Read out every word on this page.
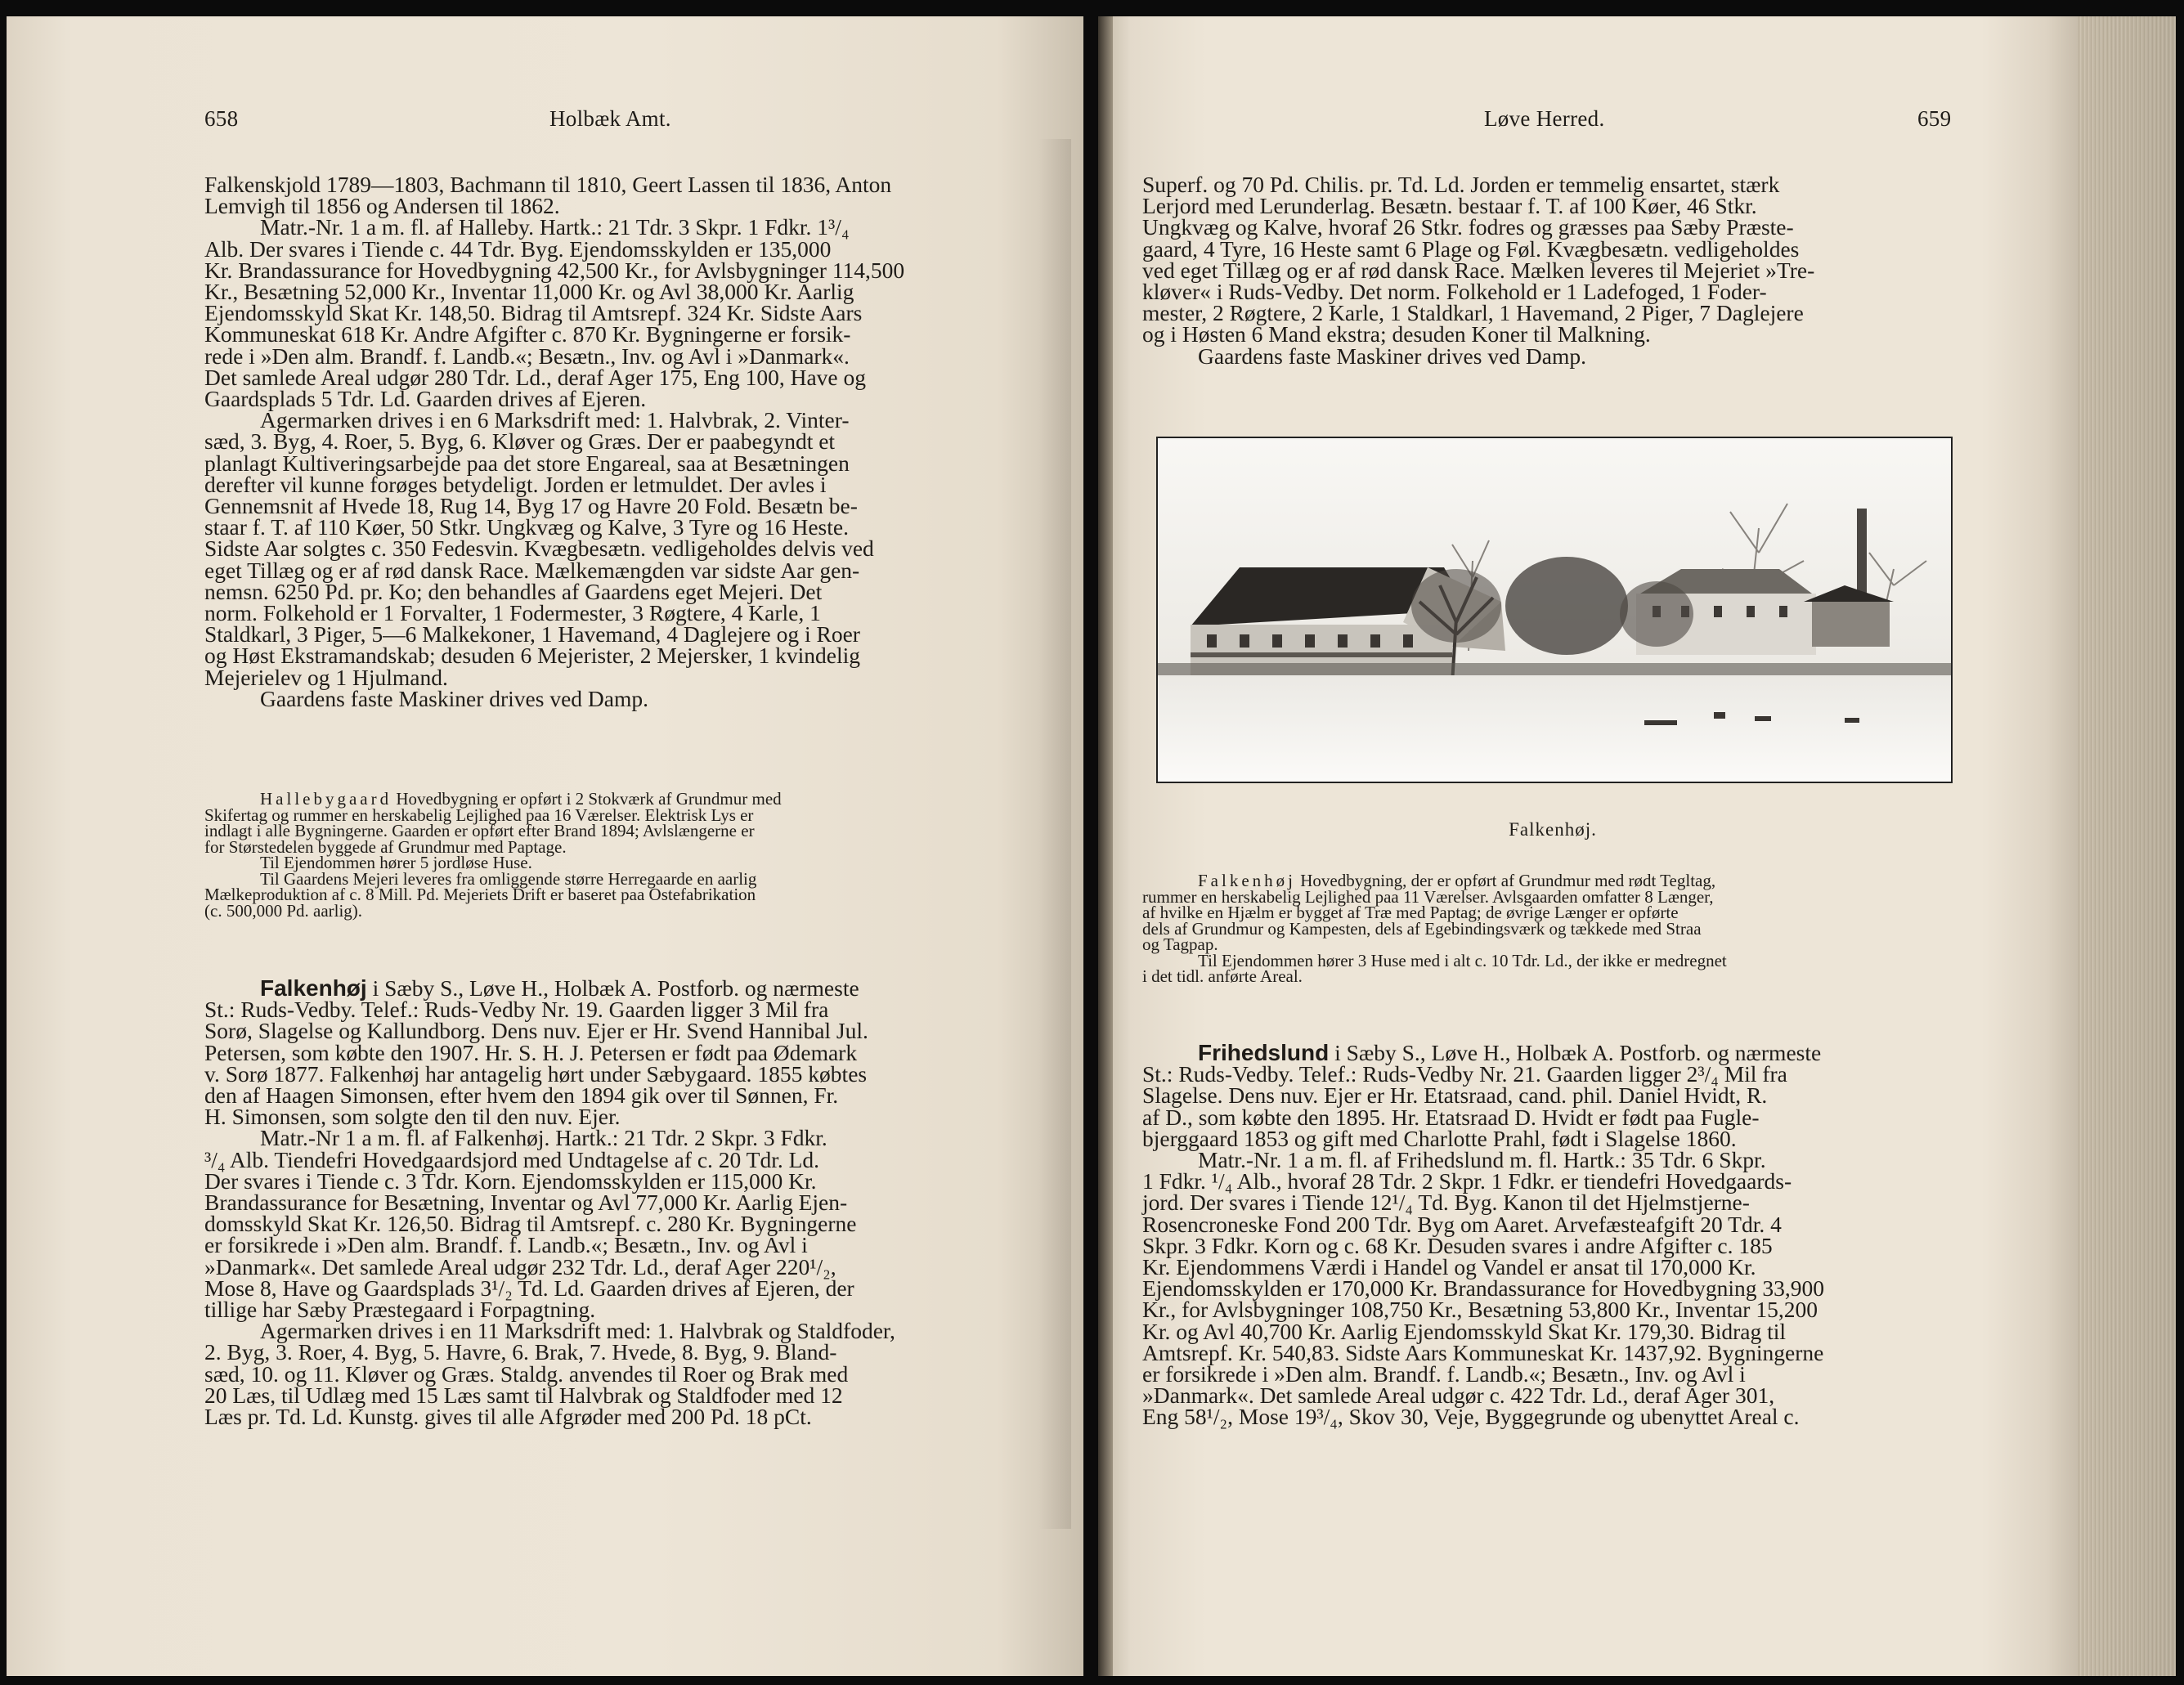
658	Holbæk Amt.

Falkenskjold 1789—1803, Bachmann til 1810, Geert Lassen til 1836, Anton

Lemvigh til 1856 og Andersen til 1862.

Matr.-Nr. 1 a m. fl. af Halleby. Hartk.: 21 Tdr. 3 Skpr. 1 Fdkr. 1³/₄

Alb. Der svares i Tiende c. 44 Tdr. Byg. Ejendomsskylden er 135,000

Kr. Brandassurance for Hovedbygning 42,500 Kr., for Avlsbygninger 114,500

Kr., Besætning 52,000 Kr., Inventar 11,000 Kr. og Avl 38,000 Kr. Aarlig

Ejendomsskyld Skat Kr. 148,50. Bidrag til Amtsrepf. 324 Kr. Sidste Aars

Kommuneskat 618 Kr. Andre Afgifter c. 870 Kr. Bygningerne er forsik-

rede i »Den alm. Brandf. f. Landb.«; Besætn., Inv. og Avl i »Danmark«.

Det samlede Areal udgør 280 Tdr. Ld., deraf Ager 175, Eng 100, Have og

Gaardsplads 5 Tdr. Ld. Gaarden drives af Ejeren.

Agermarken drives i en 6 Marksdrift med: 1. Halvbrak, 2. Vinter-

sæd, 3. Byg, 4. Roer, 5. Byg, 6. Kløver og Græs. Der er paabegyndt et

planlagt Kultiveringsarbejde paa det store Engareal, saa at Besætningen

derefter vil kunne forøges betydeligt. Jorden er letmuldet. Der avles i

Gennemsnit af Hvede 18, Rug 14, Byg 17 og Havre 20 Fold. Besætn be-

staar f. T. af 110 Køer, 50 Stkr. Ungkvæg og Kalve, 3 Tyre og 16 Heste.

Sidste Aar solgtes c. 350 Fedesvin. Kvægbesætn. vedligeholdes delvis ved

eget Tillæg og er af rød dansk Race. Mælkemængden var sidste Aar gen-

nemsn. 6250 Pd. pr. Ko; den behandles af Gaardens eget Mejeri. Det

norm. Folkehold er 1 Forvalter, 1 Fodermester, 3 Røgtere, 4 Karle, 1

Staldkarl, 3 Piger, 5—6 Malkekoner, 1 Havemand, 4 Daglejere og i Roer

og Høst Ekstramandskab; desuden 6 Mejerister, 2 Mejersker, 1 kvindelig

Mejerielev og 1 Hjulmand.

Gaardens faste Maskiner drives ved Damp.

Hallebygaard Hovedbygning er opført i 2 Stokværk af Grundmur med

Skifertag og rummer en herskabelig Lejlighed paa 16 Værelser. Elektrisk Lys er

indlagt i alle Bygningerne. Gaarden er opført efter Brand 1894; Avlslængerne er

for Størstedelen byggede af Grundmur med Paptage.

Til Ejendommen hører 5 jordløse Huse.

Til Gaardens Mejeri leveres fra omliggende større Herregaarde en aarlig

Mælkeproduktion af c. 8 Mill. Pd. Mejeriets Drift er baseret paa Ostefabrikation

(c. 500,000 Pd. aarlig).

Falkenhøj i Sæby S., Løve H., Holbæk A. Postforb. og nærmeste

St.: Ruds-Vedby. Telef.: Ruds-Vedby Nr. 19. Gaarden ligger 3 Mil fra

Sorø, Slagelse og Kallundborg. Dens nuv. Ejer er Hr. Svend Hannibal Jul.

Petersen, som købte den 1907. Hr. S. H. J. Petersen er født paa Ødemark

v. Sorø 1877. Falkenhøj har antagelig hørt under Sæbygaard. 1855 købtes

den af Haagen Simonsen, efter hvem den 1894 gik over til Sønnen, Fr.

H. Simonsen, som solgte den til den nuv. Ejer.

Matr.-Nr 1 a m. fl. af Falkenhøj. Hartk.: 21 Tdr. 2 Skpr. 3 Fdkr.

³/₄ Alb. Tiendefri Hovedgaardsjord med Undtagelse af c. 20 Tdr. Ld.

Der svares i Tiende c. 3 Tdr. Korn. Ejendomsskylden er 115,000 Kr.

Brandassurance for Besætning, Inventar og Avl 77,000 Kr. Aarlig Ejen-

domsskyld Skat Kr. 126,50. Bidrag til Amtsrepf. c. 280 Kr. Bygningerne

er forsikrede i »Den alm. Brandf. f. Landb.«; Besætn., Inv. og Avl i

»Danmark«. Det samlede Areal udgør 232 Tdr. Ld., deraf Ager 220¹/₂,

Mose 8, Have og Gaardsplads 3¹/₂ Td. Ld. Gaarden drives af Ejeren, der

tillige har Sæby Præstegaard i Forpagtning.

Agermarken drives i en 11 Marksdrift med: 1. Halvbrak og Staldfoder,

2. Byg, 3. Roer, 4. Byg, 5. Havre, 6. Brak, 7. Hvede, 8. Byg, 9. Bland-

sæd, 10. og 11. Kløver og Græs. Staldg. anvendes til Roer og Brak med

20 Læs, til Udlæg med 15 Læs samt til Halvbrak og Staldfoder med 12

Læs pr. Td. Ld. Kunstg. gives til alle Afgrøder med 200 Pd. 18 pCt.

Løve Herred.	659

Superf. og 70 Pd. Chilis. pr. Td. Ld. Jorden er temmelig ensartet, stærk

Lerjord med Lerunderlag. Besætn. bestaar f. T. af 100 Køer, 46 Stkr.

Ungkvæg og Kalve, hvoraf 26 Stkr. fodres og græsses paa Sæby Præste-

gaard, 4 Tyre, 16 Heste samt 6 Plage og Føl. Kvægbesætn. vedligeholdes

ved eget Tillæg og er af rød dansk Race. Mælken leveres til Mejeriet »Tre-

kløver« i Ruds-Vedby. Det norm. Folkehold er 1 Ladefoged, 1 Foder-

mester, 2 Røgtere, 2 Karle, 1 Staldkarl, 1 Havemand, 2 Piger, 7 Daglejere

og i Høsten 6 Mand ekstra; desuden Koner til Malkning.

Gaardens faste Maskiner drives ved Damp.

Falkenhøj.

Falkenhøj Hovedbygning, der er opført af Grundmur med rødt Tegltag,

rummer en herskabelig Lejlighed paa 11 Værelser. Avlsgaarden omfatter 8 Længer,

af hvilke en Hjælm er bygget af Træ med Paptag; de øvrige Længer er opførte

dels af Grundmur og Kampesten, dels af Egebindingsværk og tækkede med Straa

og Tagpap.

Til Ejendommen hører 3 Huse med i alt c. 10 Tdr. Ld., der ikke er medregnet

i det tidl. anførte Areal.

Frihedslund i Sæby S., Løve H., Holbæk A. Postforb. og nærmeste

St.: Ruds-Vedby. Telef.: Ruds-Vedby Nr. 21. Gaarden ligger 2³/₄ Mil fra

Slagelse. Dens nuv. Ejer er Hr. Etatsraad, cand. phil. Daniel Hvidt, R.

af D., som købte den 1895. Hr. Etatsraad D. Hvidt er født paa Fugle-

bjerggaard 1853 og gift med Charlotte Prahl, født i Slagelse 1860.

Matr.-Nr. 1 a m. fl. af Frihedslund m. fl. Hartk.: 35 Tdr. 6 Skpr.

1 Fdkr. ¹/₄ Alb., hvoraf 28 Tdr. 2 Skpr. 1 Fdkr. er tiendefri Hovedgaards-

jord. Der svares i Tiende 12¹/₄ Td. Byg. Kanon til det Hjelmstjerne-

Rosencroneske Fond 200 Tdr. Byg om Aaret. Arvefæsteafgift 20 Tdr. 4

Skpr. 3 Fdkr. Korn og c. 68 Kr. Desuden svares i andre Afgifter c. 185

Kr. Ejendommens Værdi i Handel og Vandel er ansat til 170,000 Kr.

Ejendomsskylden er 170,000 Kr. Brandassurance for Hovedbygning 33,900

Kr., for Avlsbygninger 108,750 Kr., Besætning 53,800 Kr., Inventar 15,200

Kr. og Avl 40,700 Kr. Aarlig Ejendomsskyld Skat Kr. 179,30. Bidrag til

Amtsrepf. Kr. 540,83. Sidste Aars Kommuneskat Kr. 1437,92. Bygningerne

er forsikrede i »Den alm. Brandf. f. Landb.«; Besætn., Inv. og Avl i

»Danmark«. Det samlede Areal udgør c. 422 Tdr. Ld., deraf Ager 301,

Eng 58¹/₂, Mose 19³/₄, Skov 30, Veje, Byggegrunde og ubenyttet Areal c.
